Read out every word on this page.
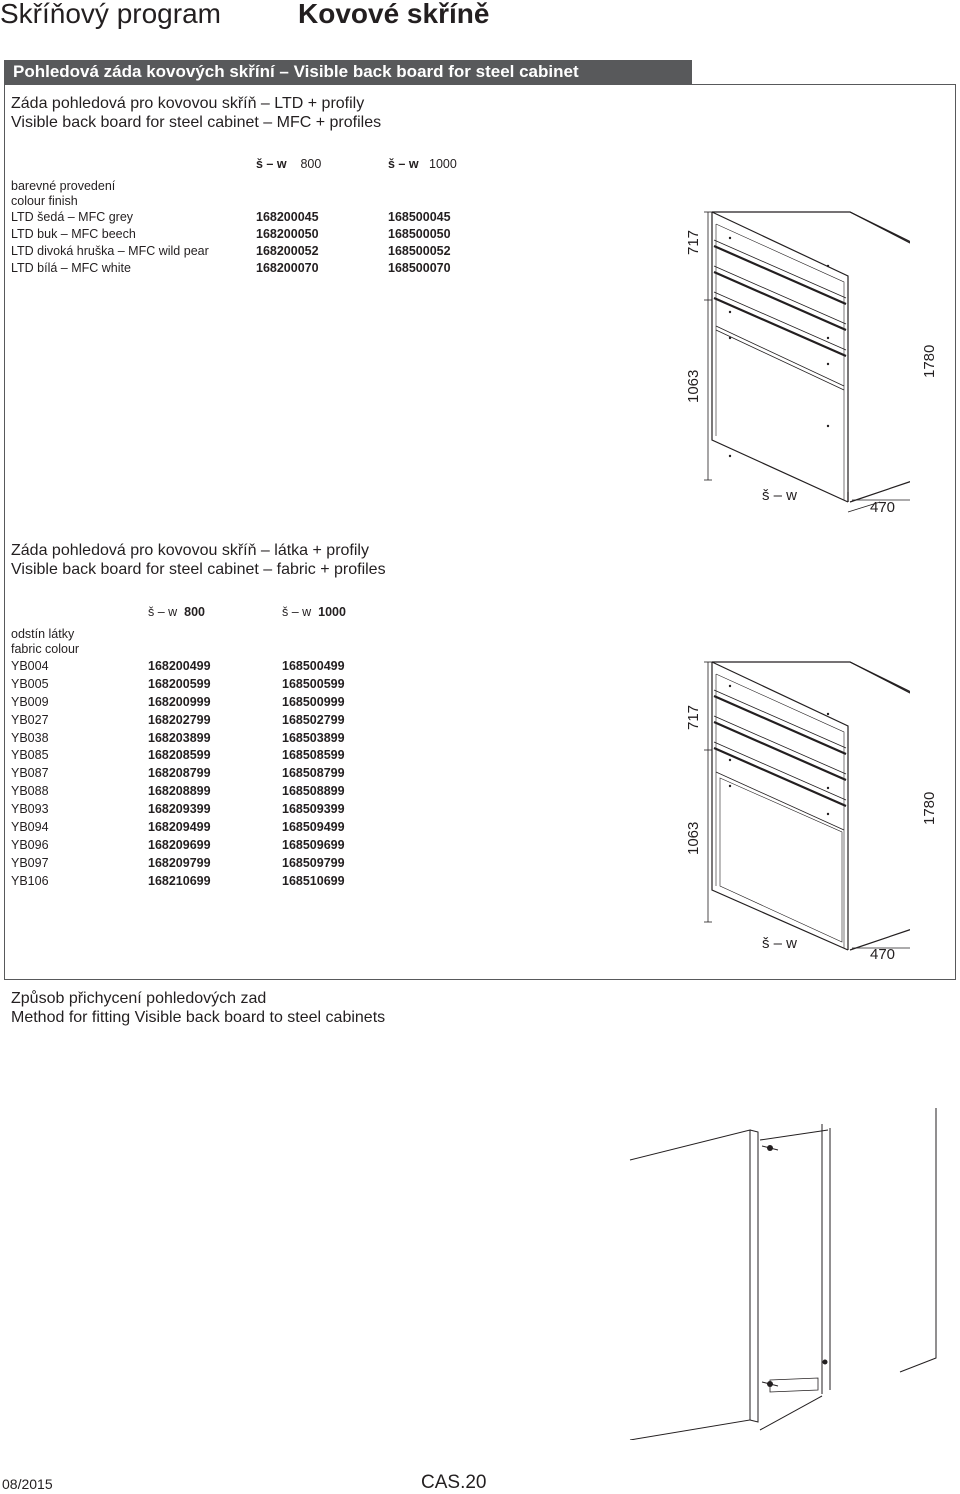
Skříňový program	Kovové skříně
Pohledová záda kovových skříní – Visible back board for steel cabinet
Záda pohledová pro kovovou skříň – LTD + profily
Visible back board for steel cabinet – MFC + profiles
š – w 800	š – w 1000
barevné provedení
colour finish
LTD šedá – MFC grey	168200045	168500045
LTD buk – MFC beech	168200050	168500050
LTD divoká hruška – MFC wild pear	168200052	168500052
LTD bílá – MFC white	168200070	168500070
717
1063
1780
š – w
470
Záda pohledová pro kovovou skříň – látka + profily
Visible back board for steel cabinet – fabric + profiles
š – w 800	š – w 1000
odstín látky
fabric colour
YB004	168200499	168500499
YB005	168200599	168500599
YB009	168200999	168500999
YB027	168202799	168502799
YB038	168203899	168503899
YB085	168208599	168508599
YB087	168208799	168508799
YB088	168208899	168508899
YB093	168209399	168509399
YB094	168209499	168509499
YB096	168209699	168509699
YB097	168209799	168509799
YB106	168210699	168510699
717
1063
1780
š – w
470
Způsob přichycení pohledových zad
Method for fitting Visible back board to steel cabinets
08/2015	CAS.20
